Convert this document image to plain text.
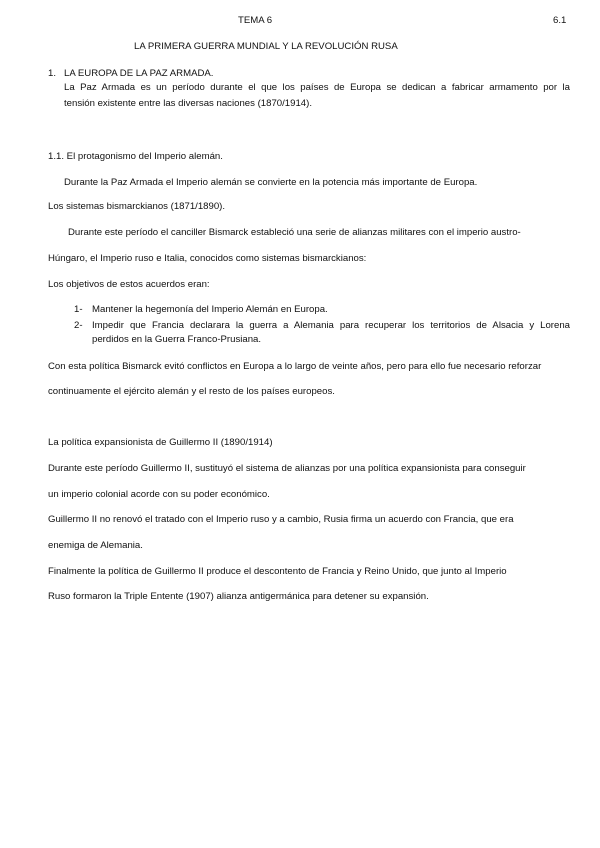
TEMA 6	6.1
LA PRIMERA GUERRA MUNDIAL Y LA REVOLUCIÓN RUSA
1. LA EUROPA DE LA PAZ ARMADA.
La Paz Armada es un período durante el que los países de Europa se dedican a fabricar armamento por la
tensión existente entre las diversas naciones (1870/1914).
1.1. El protagonismo del Imperio alemán.
Durante la Paz Armada el Imperio alemán se convierte en la potencia más importante de Europa.
Los sistemas bismarckianos (1871/1890).
Durante este período el canciller Bismarck estableció una serie de alianzas militares con el imperio austro-
Húngaro, el Imperio ruso e Italia, conocidos como sistemas bismarckianos:
Los objetivos de estos acuerdos eran:
1- Mantener la hegemonía del Imperio Alemán en Europa.
2- Impedir que Francia declarara la guerra a Alemania para recuperar los territorios de Alsacia y Lorena
perdidos en la Guerra Franco-Prusiana.
Con esta política Bismarck evitó conflictos en Europa a lo largo de veinte años, pero para ello fue necesario reforzar
continuamente el ejército alemán y el resto de los países europeos.
La política expansionista de Guillermo II (1890/1914)
Durante este período Guillermo II, sustituyó el sistema de alianzas por una política expansionista para conseguir
un imperio colonial acorde con su poder económico.
Guillermo II no renovó el tratado con el Imperio ruso y a cambio, Rusia firma un acuerdo con Francia, que era
enemiga de Alemania.
Finalmente la política de Guillermo II produce el descontento de Francia y Reino Unido, que junto al Imperio
Ruso formaron la Triple Entente (1907) alianza antigermánica para detener su expansión.
